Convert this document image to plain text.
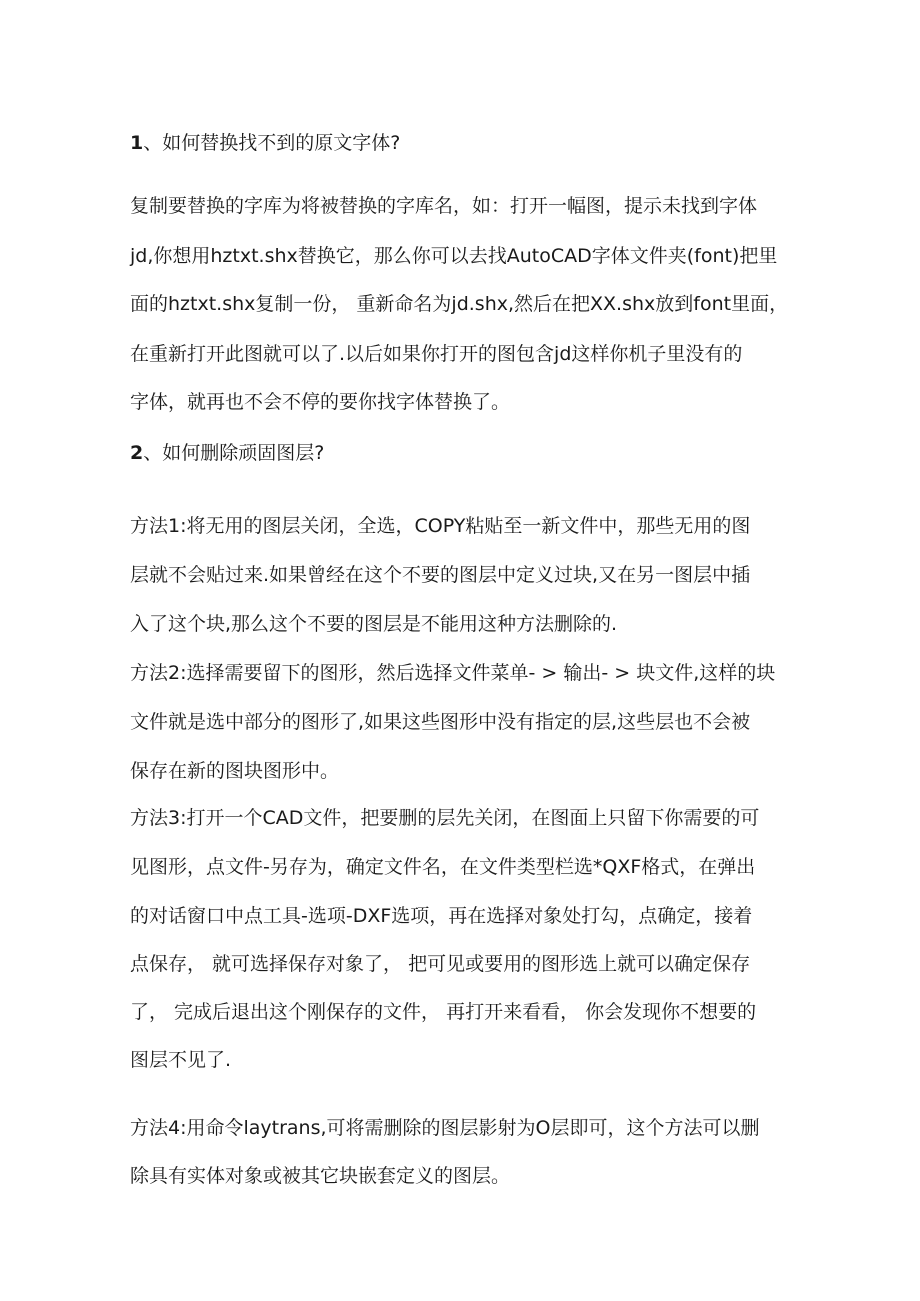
1、如何替换找不到的原文字体?

复制要替换的字库为将被替换的字库名，如：打开一幅图，提示未找到字体

jd,你想用hztxt.shx替换它，那么你可以去找AutoCAD字体文件夹(font)把里

面的hztxt.shx复制一份， 重新命名为jd.shx,然后在把XX.shx放到font里面，

在重新打开此图就可以了.以后如果你打开的图包含jd这样你机子里没有的

字体，就再也不会不停的要你找字体替换了。

2、如何删除顽固图层?

方法1:将无用的图层关闭，全选，COPY粘贴至一新文件中，那些无用的图

层就不会贴过来.如果曾经在这个不要的图层中定义过块,又在另一图层中插

入了这个块,那么这个不要的图层是不能用这种方法删除的.

方法2:选择需要留下的图形，然后选择文件菜单- > 输出- > 块文件,这样的块

文件就是选中部分的图形了,如果这些图形中没有指定的层,这些层也不会被

保存在新的图块图形中。

方法3:打开一个CAD文件，把要删的层先关闭，在图面上只留下你需要的可

见图形，点文件-另存为，确定文件名，在文件类型栏选*QXF格式，在弹出

的对话窗口中点工具-选项-DXF选项，再在选择对象处打勾，点确定，接着

点保存， 就可选择保存对象了， 把可见或要用的图形选上就可以确定保存

了， 完成后退出这个刚保存的文件， 再打开来看看， 你会发现你不想要的

图层不见了.

方法4:用命令laytrans,可将需删除的图层影射为O层即可，这个方法可以删

除具有实体对象或被其它块嵌套定义的图层。
